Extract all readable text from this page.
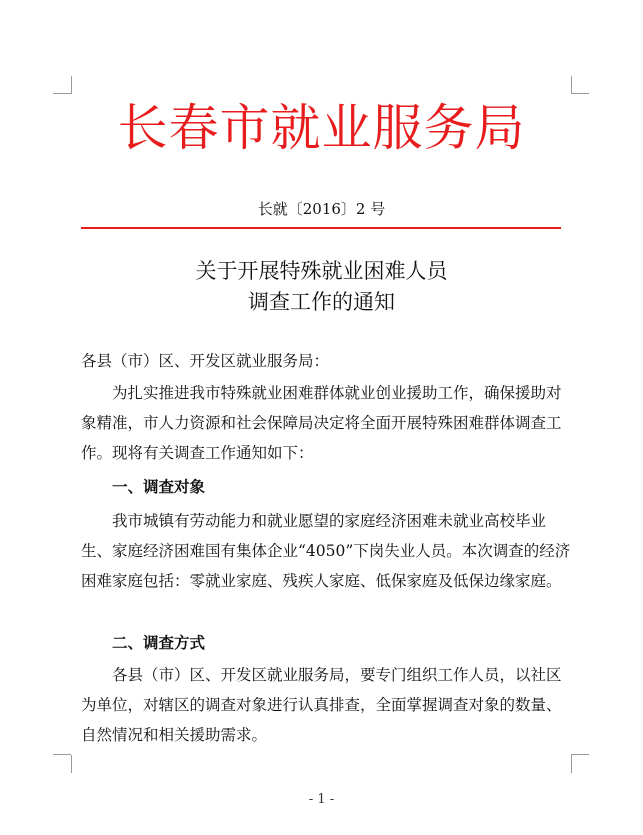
长春市就业服务局
长就〔2016〕2 号
关于开展特殊就业困难人员
调查工作的通知
各县（市）区、开发区就业服务局：
为扎实推进我市特殊就业困难群体就业创业援助工作，确保援助对象精准，市人力资源和社会保障局决定将全面开展特殊困难群体调查工作。现将有关调查工作通知如下：
一、调查对象
我市城镇有劳动能力和就业愿望的家庭经济困难未就业高校毕业生、家庭经济困难国有集体企业“4050”下岗失业人员。本次调查的经济困难家庭包括：零就业家庭、残疾人家庭、低保家庭及低保边缘家庭。
二、调查方式
各县（市）区、开发区就业服务局，要专门组织工作人员，以社区为单位，对辖区的调查对象进行认真排查，全面掌握调查对象的数量、自然情况和相关援助需求。
- 1 -
